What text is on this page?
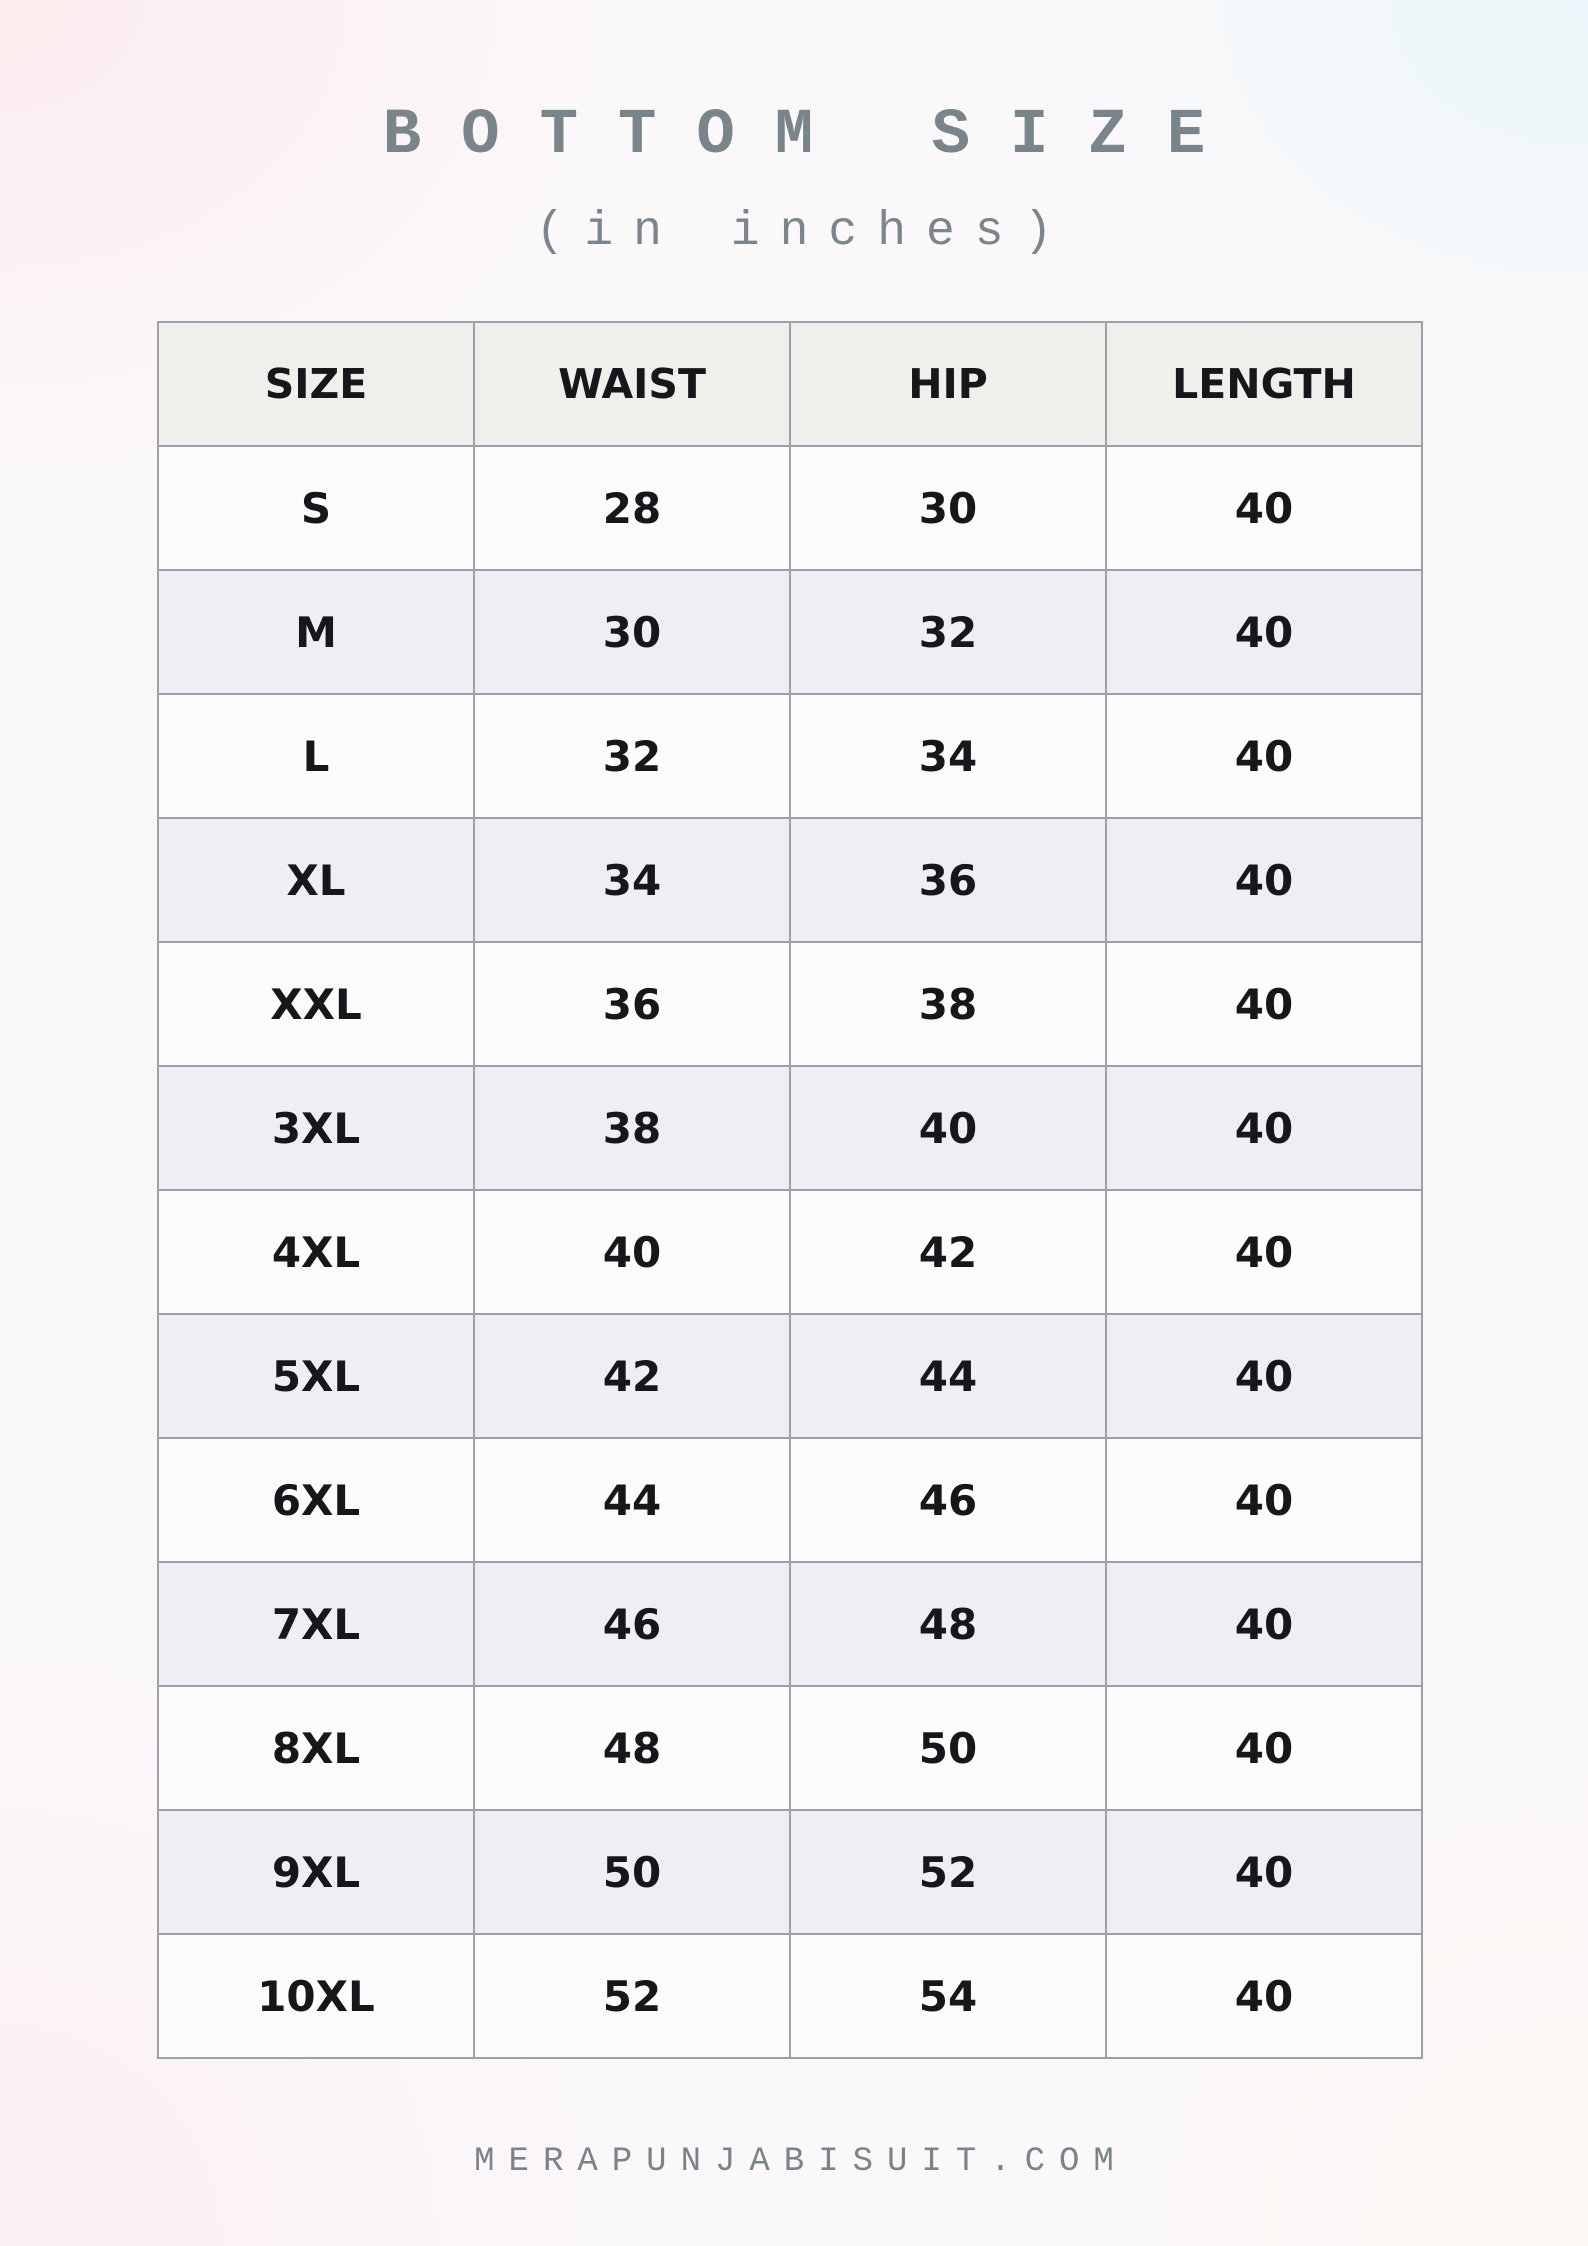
BOTTOM SIZE
(in inches)
SIZE	WAIST	HIP	LENGTH
S	28	30	40
M	30	32	40
L	32	34	40
XL	34	36	40
XXL	36	38	40
3XL	38	40	40
4XL	40	42	40
5XL	42	44	40
6XL	44	46	40
7XL	46	48	40
8XL	48	50	40
9XL	50	52	40
10XL	52	54	40
MERAPUNJABISUIT.COM
